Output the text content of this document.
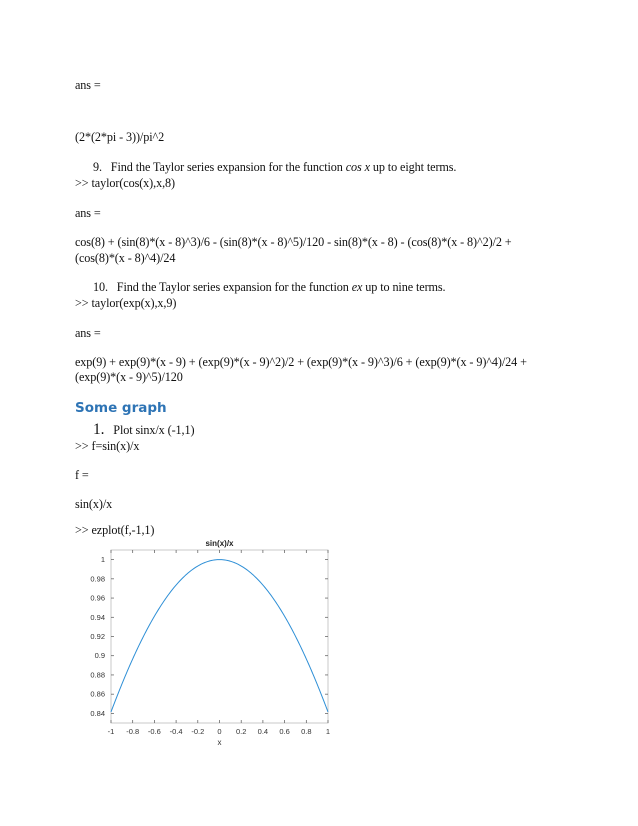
ans =
(2*(2*pi - 3))/pi^2
9. Find the Taylor series expansion for the function cos x up to eight terms.
>> taylor(cos(x),x,8)
ans =
cos(8) + (sin(8)*(x - 8)^3)/6 - (sin(8)*(x - 8)^5)/120 - sin(8)*(x - 8) - (cos(8)*(x - 8)^2)/2 +
(cos(8)*(x - 8)^4)/24
10. Find the Taylor series expansion for the function ex up to nine terms.
>> taylor(exp(x),x,9)
ans =
exp(9) + exp(9)*(x - 9) + (exp(9)*(x - 9)^2)/2 + (exp(9)*(x - 9)^3)/6 + (exp(9)*(x - 9)^4)/24 +
(exp(9)*(x - 9)^5)/120
Some graph
1. Plot sinx/x (-1,1)
>> f=sin(x)/x
f =
sin(x)/x
>> ezplot(f,-1,1)
-1 -0.8 -0.6 -0.4 -0.2 0 0.2 0.4 0.6 0.8 1
0.84
0.86
0.88
0.9
0.92
0.94
0.96
0.98
1
sin(x)/x
x
